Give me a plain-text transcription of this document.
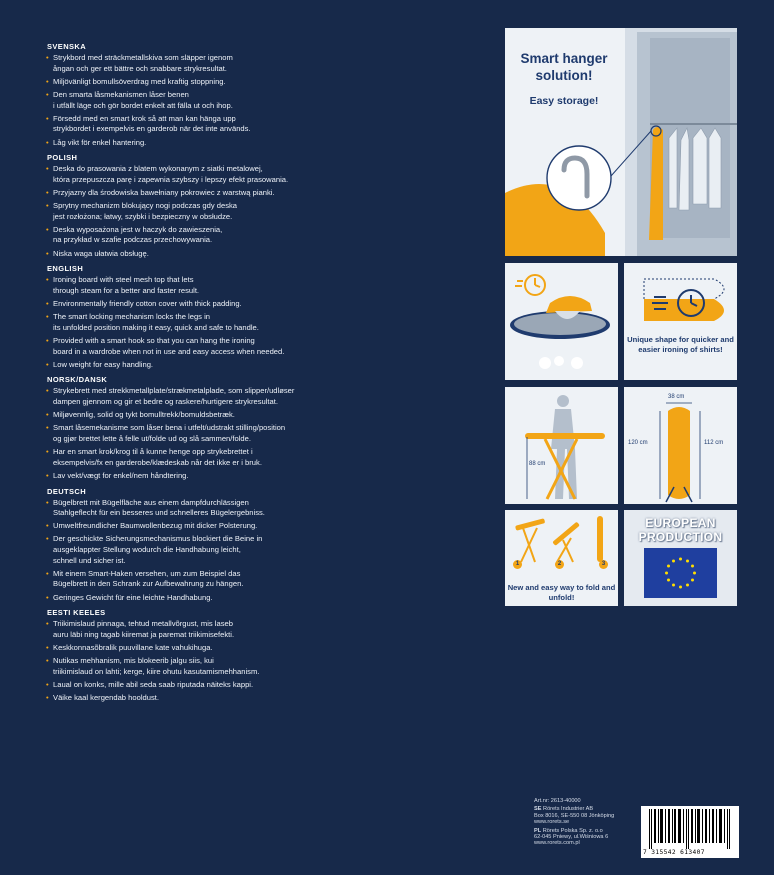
SVENSKA
• Strykbord med sträckmetallskiva som släpper igenom
ångan och ger ett bättre och snabbare strykresultat.
• Miljövänligt bomullsöverdrag med kraftig stoppning.
• Den smarta låsmekanismen låser benen
i utfällt läge och gör bordet enkelt att fälla ut och ihop.
• Försedd med en smart krok så att man kan hänga upp
strykbordet i exempelvis en garderob när det inte används.
• Låg vikt för enkel hantering.
POLISH
• Deska do prasowania z blatem wykonanym z siatki metalowej,
która przepuszcza parę i zapewnia szybszy i lepszy efekt prasowania.
• Przyjazny dla środowiska bawełniany pokrowiec z warstwą pianki.
• Sprytny mechanizm blokujący nogi podczas gdy deska
jest rozłożona; łatwy, szybki i bezpieczny w obsłudze.
• Deska wyposażona jest w haczyk do zawieszenia,
na przykład w szafie podczas przechowywania.
• Niska waga ułatwia obsługę.
ENGLISH
• Ironing board with steel mesh top that lets
through steam for a better and faster result.
• Environmentally friendly cotton cover with thick padding.
• The smart locking mechanism locks the legs in
its unfolded position making it easy, quick and safe to handle.
• Provided with a smart hook so that you can hang the ironing
board in a wardrobe when not in use and easy access when needed.
• Low weight for easy handling.
NORSK/DANSK
• Strykebrett med strekkmetallplate/strækmetalplade, som slipper/udløser
dampen gjennom og gir et bedre og raskere/hurtigere strykresultat.
• Miljøvennlig, solid og tykt bomulltrekk/bomuldsbetræk.
• Smart låsemekanisme som låser bena i utfelt/udstrakt stilling/position
og gjør brettet lette å felle ut/folde ud og slå sammen/folde.
• Har en smart krok/krog til å kunne henge opp strykebrettet i
eksempelvis/fx en garderobe/klædeskab når det ikke er i bruk.
• Lav vekt/vægt for enkel/nem håndtering.
DEUTSCH
• Bügelbrett mit Bügelfläche aus einem dampfdurchlässigen
Stahlgeflecht für ein besseres und schnelleres Bügelergebniss.
• Umweltfreundlicher Baumwollenbezug mit dicker Polsterung.
• Der geschickte Sicherungsmechanismus blockiert die Beine in
ausgeklappter Stellung wodurch die Handhabung leicht,
schnell und sicher ist.
• Mit einem Smart-Haken versehen, um zum Beispiel das
Bügelbrett in den Schrank zur Aufbewahrung zu hängen.
• Geringes Gewicht für eine leichte Handhabung.
EESTI KEELES
• Triikimislaud pinnaga, tehtud metallvõrgust, mis laseb
auru läbi ning tagab kiiremat ja paremat triikimisefekti.
• Keskkonnasõbralik puuvillane kate vahukihuga.
• Nutikas mehhanism, mis blokeerib jalgu siis, kui
triikimislaud on lahti; kerge, kiire ohutu kasutamismehhanism.
• Laual on konks, mille abil seda saab riputada näiteks kappi.
• Väike kaal kergendab hooldust.
Smart hanger solution!
Easy storage!
Unique shape for quicker and easier ironing of shirts!
88 cm
38 cm
120 cm	112 cm
1	2	3
New and easy way to fold and unfold!
EUROPEAN PRODUCTION
Art.nr: 2613-40000
SE Rörets Industrier AB
Box 8016, SE-550 08 Jönköping
www.rorets.se
PL Rörets Polska Sp. z. o.o
62-045 Pniewy, ul.Wiśniowa 6
www.rorets.com.pl
7 315542 613407
